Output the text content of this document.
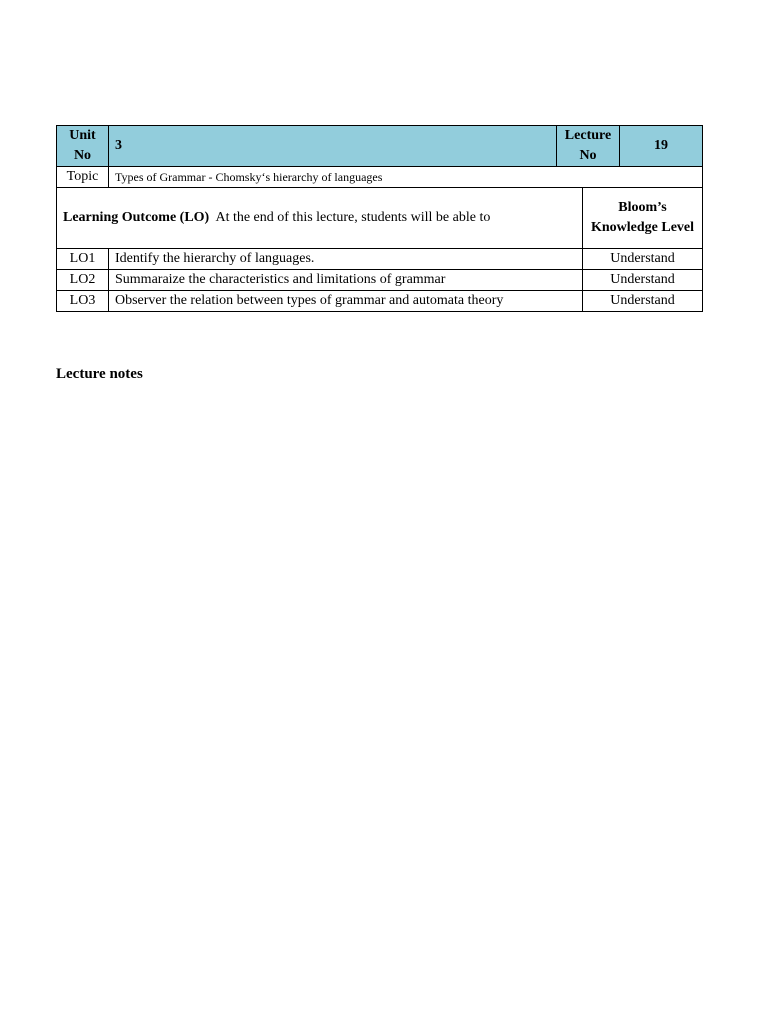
Unit No	3	Lecture No		19
Topic	Types of Grammar - Chomsky‘s hierarchy of languages			
Learning Outcome (LO) At the end of this lecture, students will be able to			Bloom’s Knowledge Level	
LO1	Identify the hierarchy of languages.		Understand	
LO2	Summaraize the characteristics and limitations of grammar		Understand	
LO3	Observer the relation between types of grammar and automata theory		Understand	
Lecture notes
